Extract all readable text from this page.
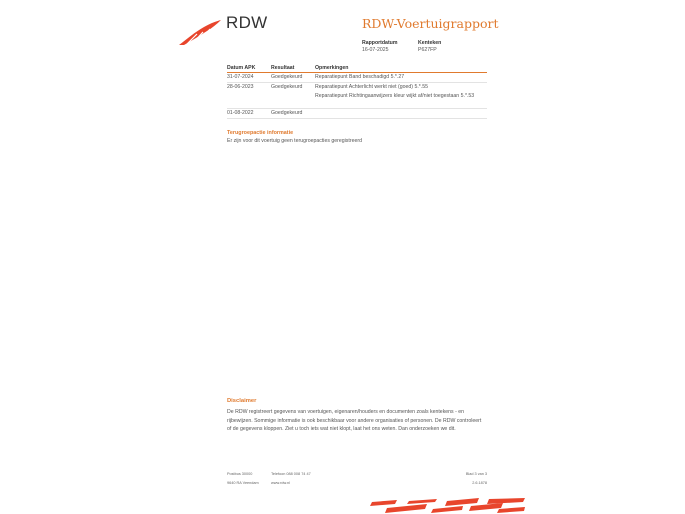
RDW	RDW-Voertuigrapport
Rapportdatum
16-07-2025
Kenteken
P627FP
Datum APK	Resultaat	Opmerkingen
31-07-2024	Goedgekeurd Reparatiepunt Band beschadigd 5.*.27
28-06-2023	Goedgekeurd Reparatiepunt Achterlicht werkt niet (goed) 5.*.55
Reparatiepunt Richtingaanwijzers kleur wijkt af/niet toegestaan 5.*.53
01-08-2022	Goedgekeurd
Terugroepactie informatie
Er zijn voor dit voertuig geen terugroepacties geregistreerd
Disclaimer
De RDW registreert gegevens van voertuigen, eigenaren/houders en documenten zoals kentekens - en rijbewijzen. Sommige informatie is ook beschikbaar voor andere organisaties of personen. De RDW controleert of de gegevens kloppen. Ziet u toch iets wat niet klopt, laat het ons weten. Dan onderzoeken we dit.
Postbus 30000
9640 RA Veendam
Telefoon 088 008 74 47
www.rdw.nl
Blad 3 van 3
2.6.1878
